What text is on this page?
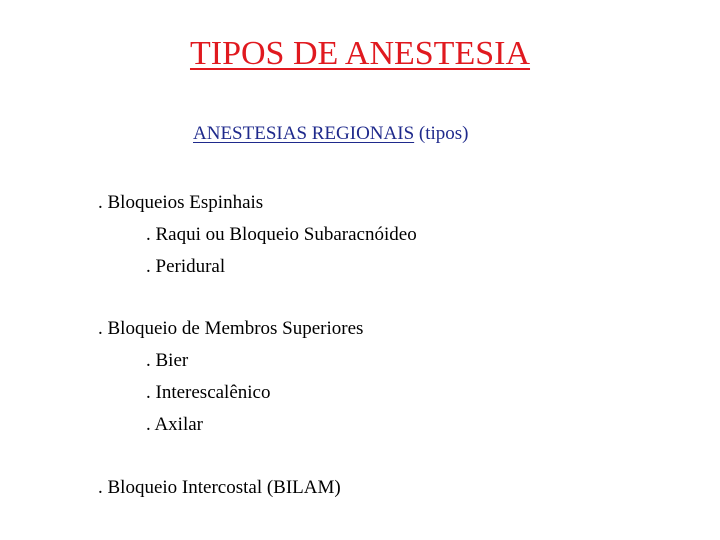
TIPOS DE ANESTESIA
ANESTESIAS REGIONAIS (tipos)
. Bloqueios Espinhais
. Raqui ou Bloqueio Subaracnóideo
. Peridural
. Bloqueio de Membros Superiores
. Bier
. Interescalênico
. Axilar
. Bloqueio Intercostal (BILAM)
